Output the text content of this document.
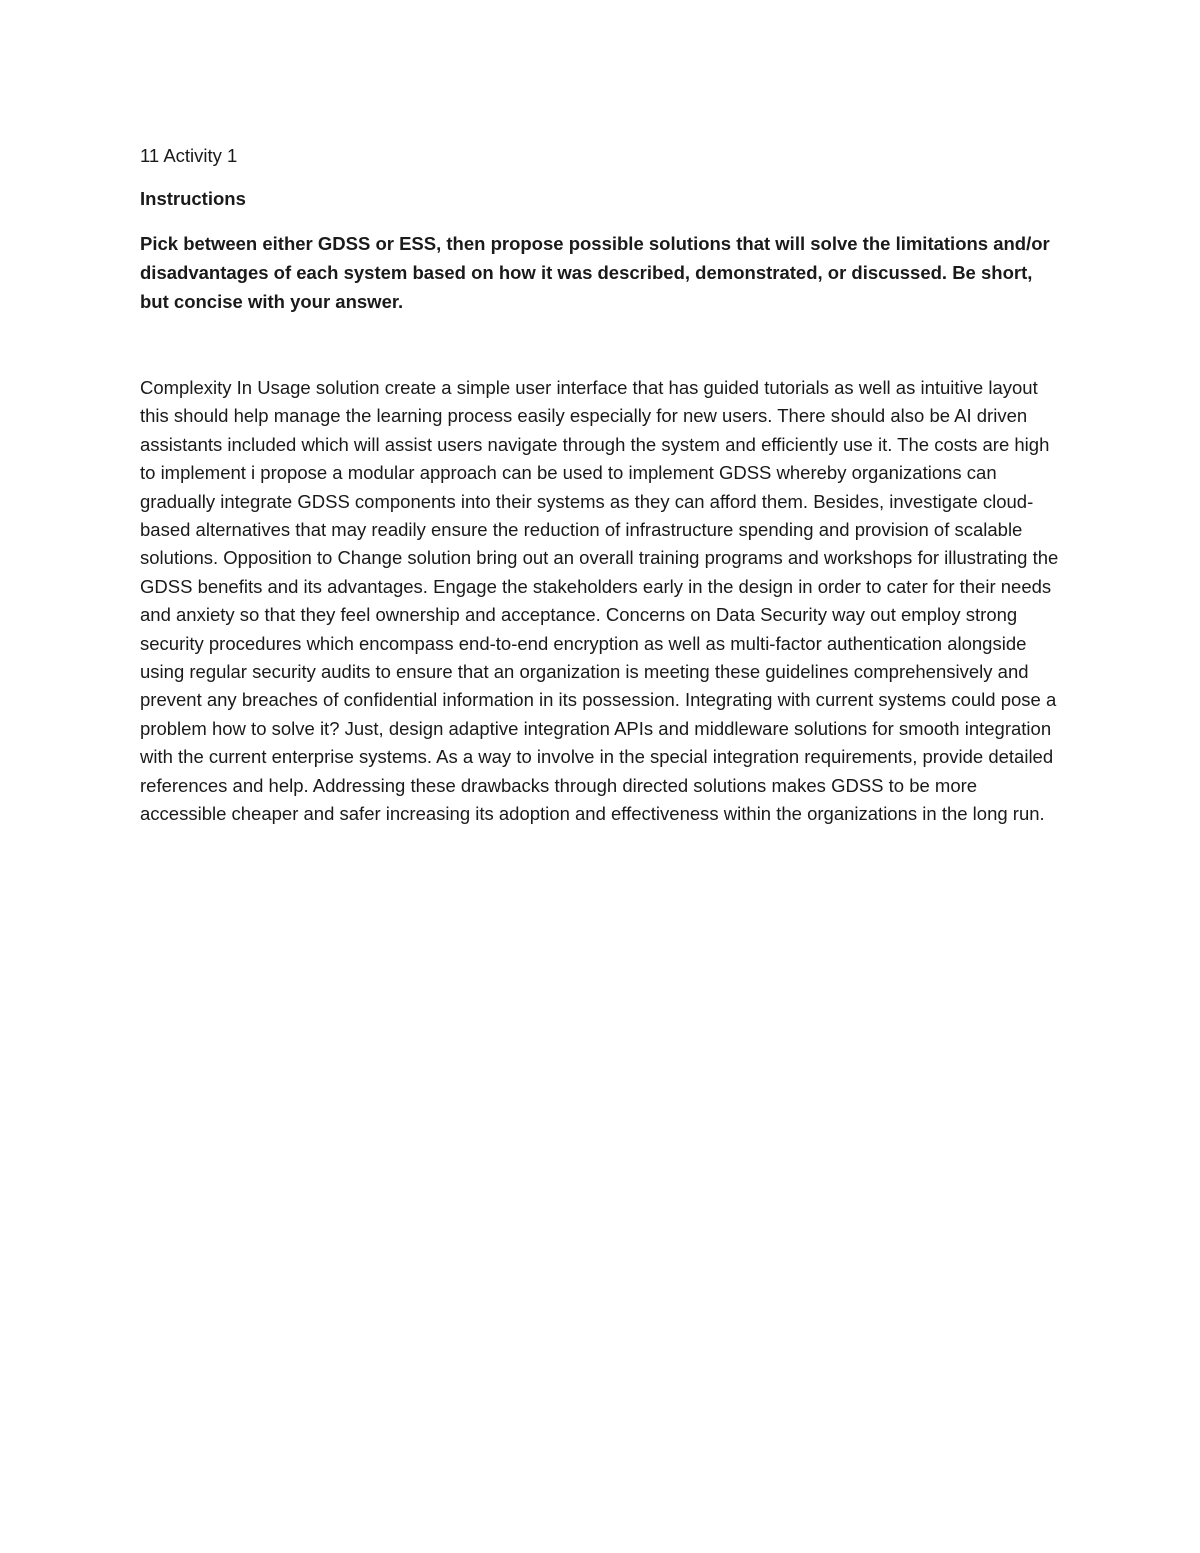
11 Activity 1

Instructions

Pick between either GDSS or ESS, then propose possible solutions that will solve the limitations and/or disadvantages of each system based on how it was described, demonstrated, or discussed. Be short, but concise with your answer.

Complexity In Usage solution create a simple user interface that has guided tutorials as well as intuitive layout this should help manage the learning process easily especially for new users. There should also be AI driven assistants included which will assist users navigate through the system and efficiently use it. The costs are high to implement i propose a modular approach can be used to implement GDSS whereby organizations can gradually integrate GDSS components into their systems as they can afford them. Besides, investigate cloud-based alternatives that may readily ensure the reduction of infrastructure spending and provision of scalable solutions. Opposition to Change solution bring out an overall training programs and workshops for illustrating the GDSS benefits and its advantages. Engage the stakeholders early in the design in order to cater for their needs and anxiety so that they feel ownership and acceptance. Concerns on Data Security way out employ strong security procedures which encompass end-to-end encryption as well as multi-factor authentication alongside using regular security audits to ensure that an organization is meeting these guidelines comprehensively and prevent any breaches of confidential information in its possession. Integrating with current systems could pose a problem how to solve it? Just, design adaptive integration APIs and middleware solutions for smooth integration with the current enterprise systems. As a way to involve in the special integration requirements, provide detailed references and help. Addressing these drawbacks through directed solutions makes GDSS to be more accessible cheaper and safer increasing its adoption and effectiveness within the organizations in the long run.
